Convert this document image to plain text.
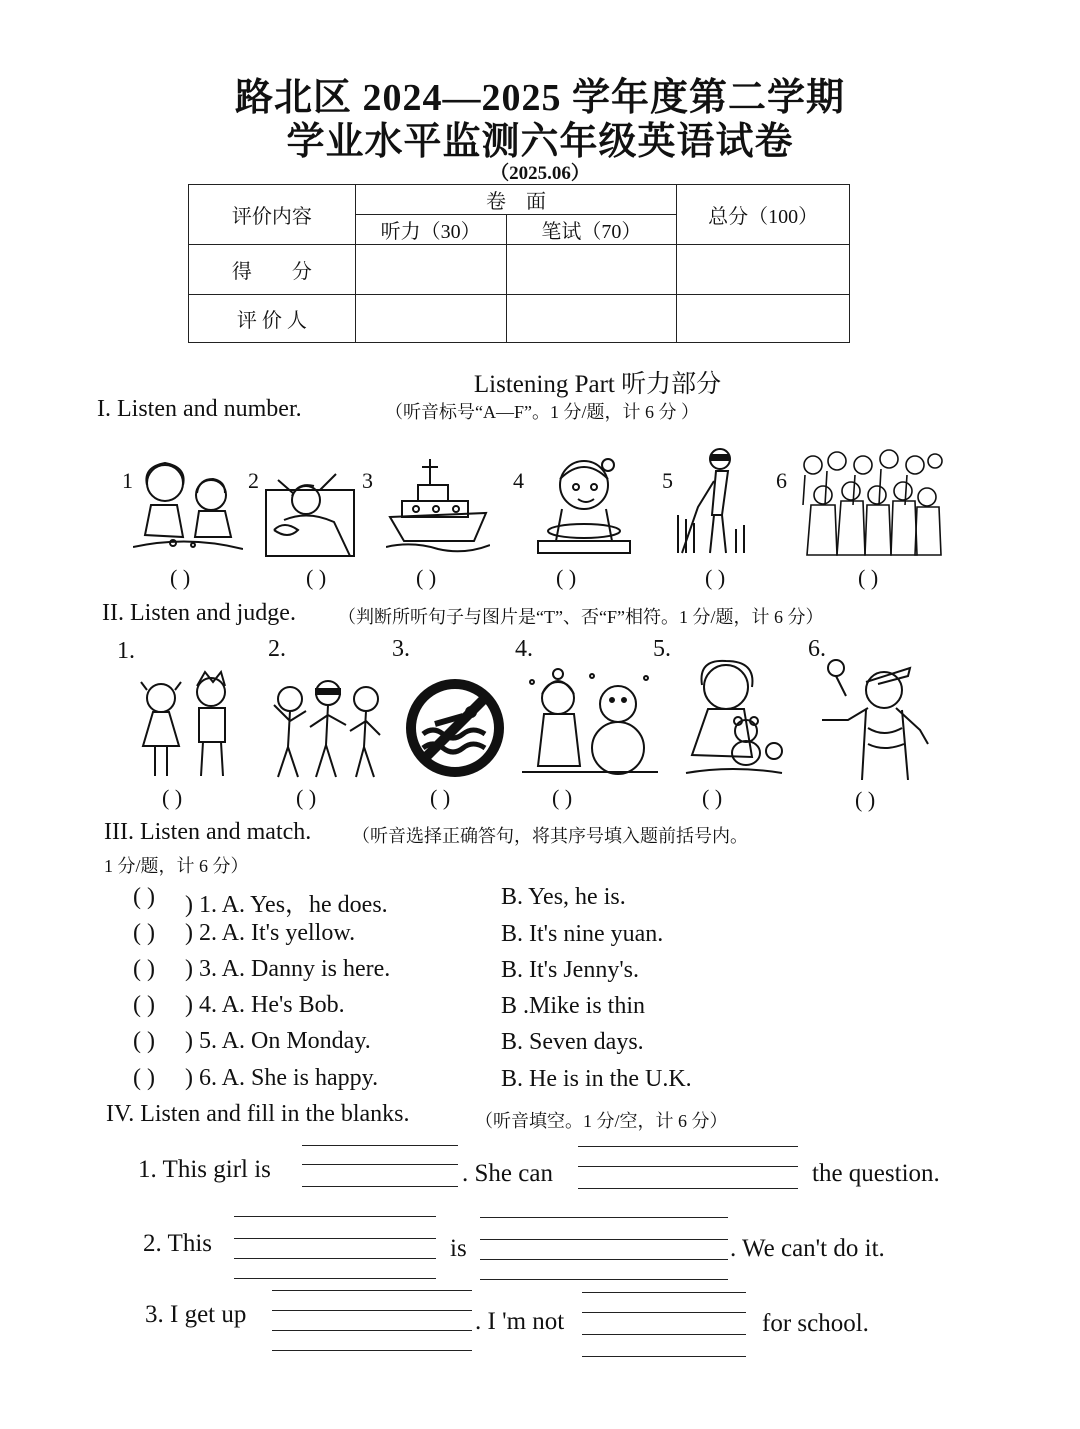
路北区 2024—2025 学年度第二学期
学业水平监测六年级英语试卷
（2025.06）
评价内容	卷　面		总分（100）
	听力（30）	笔试（70）	
得　　分			
评 价 人			
Listening Part 听力部分
I. Listen and number.	（听音标号“A—F”。1 分/题，计 6 分 ）
1	2	3	4	5	6
( )	( )	( )	( )	( )	( )
II. Listen and judge. （判断所听句子与图片是“T”、否“F”相符。1 分/题，计 6 分）
1.	2.	3.	4.	5.	6.
( )	( )	( )	( )	( )	( )
III. Listen and match. （听音选择正确答句，将其序号填入题前括号内。
1 分/题，计 6 分）
( ) ) 1. A. Yes，he does.	B. Yes, he is.
( ) ) 2. A. It's yellow.	B. It's nine yuan.
( ) ) 3. A. Danny is here.	B. It's Jenny's.
( ) ) 4. A. He's Bob.	B .Mike is thin
( ) ) 5. A. On Monday.	B. Seven days.
( ) ) 6. A. She is happy.	B. He is in the U.K.
IV. Listen and fill in the blanks.	（听音填空。1 分/空，计 6 分）
1. This girl is	. She can	the question.
2. This	is	. We can't do it.
3. I get up	. I 'm not	for school.
